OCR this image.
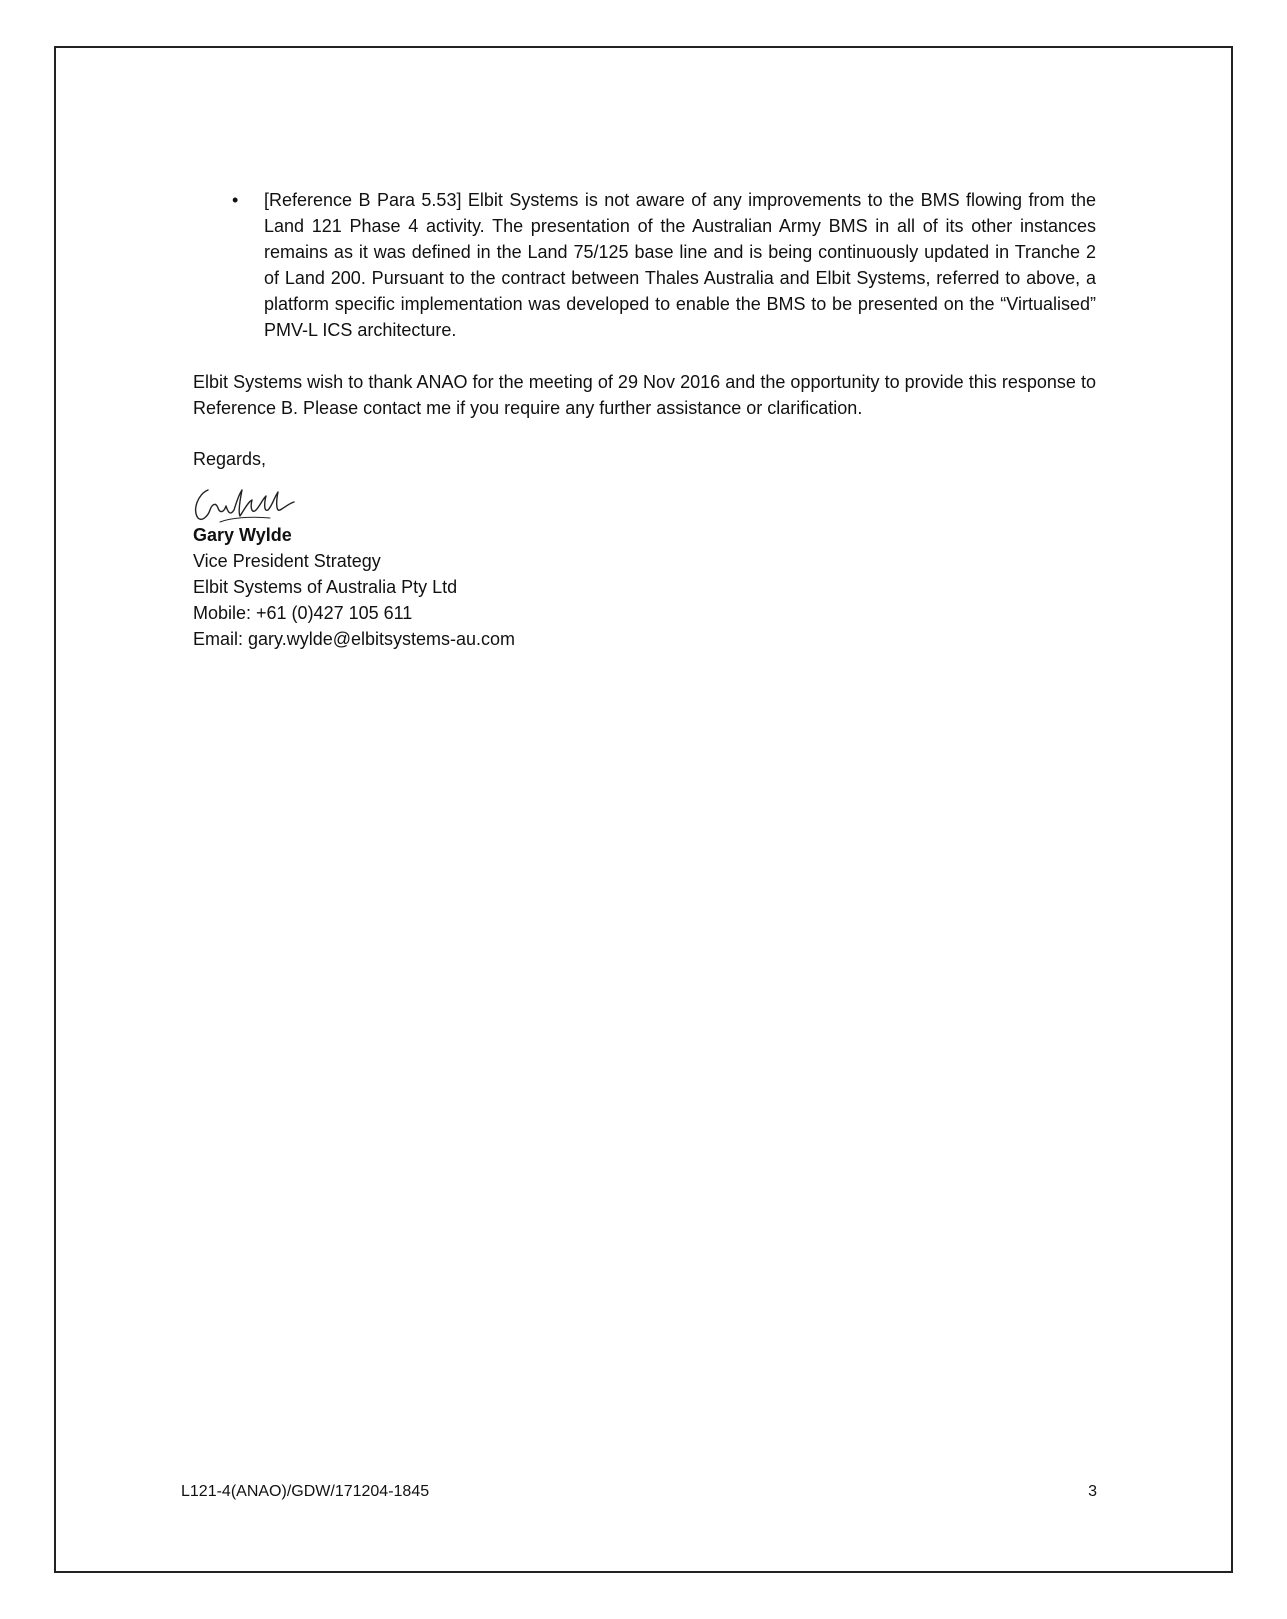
• [Reference B Para 5.53] Elbit Systems is not aware of any improvements to the BMS flowing from the Land 121 Phase 4 activity. The presentation of the Australian Army BMS in all of its other instances remains as it was defined in the Land 75/125 base line and is being continuously updated in Tranche 2 of Land 200. Pursuant to the contract between Thales Australia and Elbit Systems, referred to above, a platform specific implementation was developed to enable the BMS to be presented on the “Virtualised” PMV-L ICS architecture.
Elbit Systems wish to thank ANAO for the meeting of 29 Nov 2016 and the opportunity to provide this response to Reference B. Please contact me if you require any further assistance or clarification.
Regards,
Gary Wylde
Vice President Strategy
Elbit Systems of Australia Pty Ltd
Mobile: +61 (0)427 105 611
Email: gary.wylde@elbitsystems-au.com
L121-4(ANAO)/GDW/171204-1845	3
